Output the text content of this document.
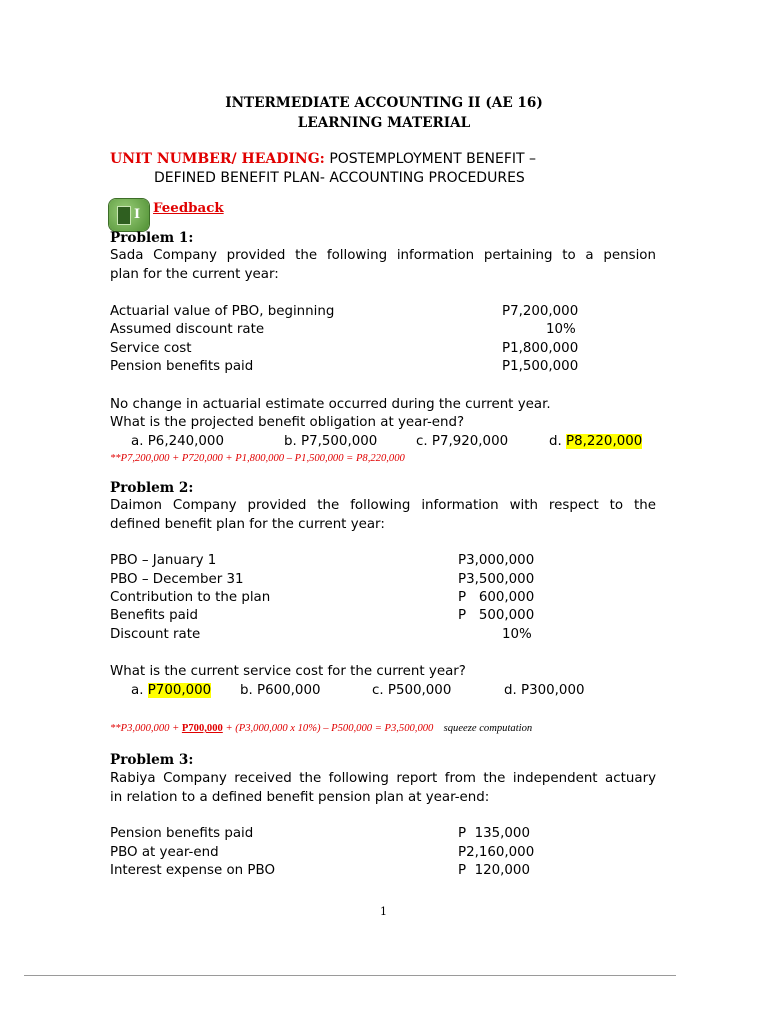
INTERMEDIATE ACCOUNTING II (AE 16)
LEARNING MATERIAL
UNIT NUMBER/ HEADING: POSTEMPLOYMENT BENEFIT –
DEFINED BENEFIT PLAN- ACCOUNTING PROCEDURES
I Feedback
Problem 1:
Sada Company provided the following information pertaining to a pension
plan for the current year:
Actuarial value of PBO, beginning	P7,200,000
Assumed discount rate	10%
Service cost	P1,800,000
Pension benefits paid	P1,500,000
No change in actuarial estimate occurred during the current year.
What is the projected benefit obligation at year-end?
a. P6,240,000	b. P7,500,000	c. P7,920,000	d. P8,220,000
**P7,200,000 + P720,000 + P1,800,000 – P1,500,000 = P8,220,000
Problem 2:
Daimon Company provided the following information with respect to the
defined benefit plan for the current year:
PBO – January 1	P3,000,000
PBO – December 31	P3,500,000
Contribution to the plan	P   600,000
Benefits paid	P   500,000
Discount rate	10%
What is the current service cost for the current year?
a. P700,000 b. P600,000	c. P500,000	d. P300,000
**P3,000,000 + P700,000 + (P3,000,000 x 10%) – P500,000 = P3,500,000 squeeze computation
Problem 3:
Rabiya Company received the following report from the independent actuary
in relation to a defined benefit pension plan at year-end:
Pension benefits paid	P  135,000
PBO at year-end	P2,160,000
Interest expense on PBO	P  120,000
1
